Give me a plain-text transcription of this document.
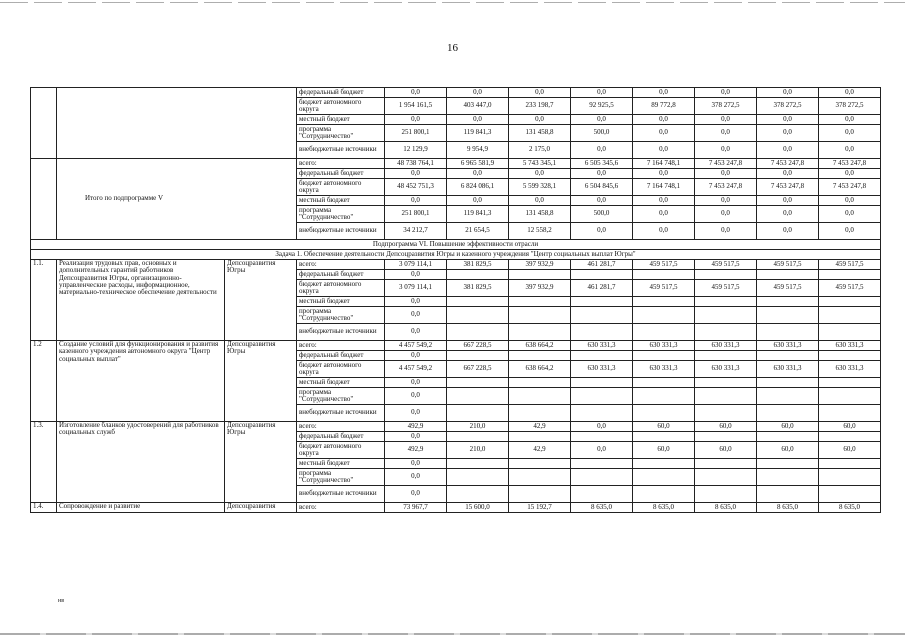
16
			федеральный бюджет	0,0	0,0	0,0	0,0	0,0	0,0	0,0	0,0
			бюджет автономного округа	1 954 161,5	403 447,0	233 198,7	92 925,5	89 772,8	378 272,5	378 272,5	378 272,5
			местный бюджет	0,0	0,0	0,0	0,0	0,0	0,0	0,0	0,0
			программа "Сотрудничество"	251 800,1	119 841,3	131 458,8	500,0	0,0	0,0	0,0	0,0
			внебюджетные источники	12 129,9	9 954,9	2 175,0	0,0	0,0	0,0	0,0	0,0
	Итого по подпрограмме V		всего:	48 738 764,1	6 965 581,9	5 743 345,1	6 505 345,6	7 164 748,1	7 453 247,8	7 453 247,8	7 453 247,8
			федеральный бюджет	0,0	0,0	0,0	0,0	0,0	0,0	0,0	0,0
			бюджет автономного округа	48 452 751,3	6 824 086,1	5 599 328,1	6 504 845,6	7 164 748,1	7 453 247,8	7 453 247,8	7 453 247,8
			местный бюджет	0,0	0,0	0,0	0,0	0,0	0,0	0,0	0,0
			программа "Сотрудничество"	251 800,1	119 841,3	131 458,8	500,0	0,0	0,0	0,0	0,0
			внебюджетные источники	34 212,7	21 654,5	12 558,2	0,0	0,0	0,0	0,0	0,0
Подпрограмма VI. Повышение эффективности отрасли											
Задача 1. Обеспечение деятельности Депсоцразвития Югры и казенного учреждения "Центр социальных выплат Югры"											
1.1.	Реализация трудовых прав, основных и дополнительных гарантий работников Депсоцразвития Югры, организационно-управленческие расходы, информационное, материально-техническое обеспечение деятельности	Депсоцразвития Югры	всего:	3 079 114,1	381 829,5	397 932,9	461 281,7	459 517,5	459 517,5	459 517,5	459 517,5
			федеральный бюджет	0,0							
			бюджет автономного округа	3 079 114,1	381 829,5	397 932,9	461 281,7	459 517,5	459 517,5	459 517,5	459 517,5
			местный бюджет	0,0							
			программа "Сотрудничество"	0,0							
			внебюджетные источники	0,0							
1.2	Создание условий для функционирования и развития казенного учреждения автономного округа "Центр социальных выплат"	Депсоцразвития Югры	всего:	4 457 549,2	667 228,5	638 664,2	630 331,3	630 331,3	630 331,3	630 331,3	630 331,3
			федеральный бюджет	0,0							
			бюджет автономного округа	4 457 549,2	667 228,5	638 664,2	630 331,3	630 331,3	630 331,3	630 331,3	630 331,3
			местный бюджет	0,0							
			программа "Сотрудничество"	0,0							
			внебюджетные источники	0,0							
1.3.	Изготовление бланков удостоверений для работников социальных служб	Депсоцразвития Югры	всего:	492,9	210,0	42,9	0,0	60,0	60,0	60,0	60,0
			федеральный бюджет	0,0							
			бюджет автономного округа	492,9	210,0	42,9	0,0	60,0	60,0	60,0	60,0
			местный бюджет	0,0							
			программа "Сотрудничество"	0,0							
			внебюджетные источники	0,0							
1.4.	Сопровождение и развитие	Депсоцразвития	всего:	73 967,7	15 600,0	15 192,7	8 635,0	8 635,0	8 635,0	8 635,0	8 635,0
нв
